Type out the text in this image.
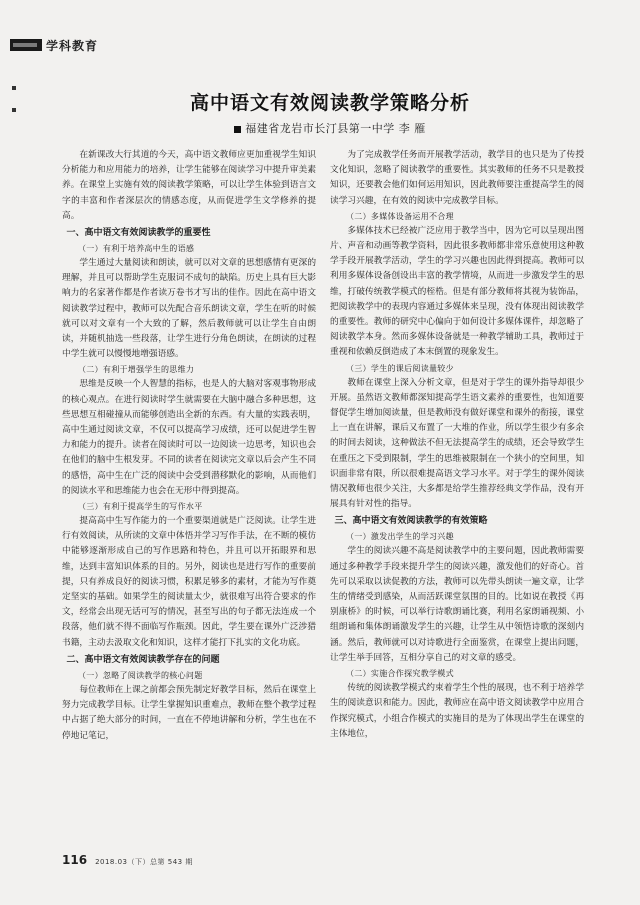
学科教育
高中语文有效阅读教学策略分析
福建省龙岩市长汀县第一中学 李 雁

在新课改大行其道的今天，高中语文教师应更加重视学生知识分析能力和应用能力的培养，让学生能够在阅读学习中提升审美素养。在课堂上实施有效的阅读教学策略，可以让学生体验到语言文字的丰富和作者深层次的情感态度，从而促进学生文学修养的提高。

一、高中语文有效阅读教学的重要性
（一）有利于培养高中生的语感

学生通过大量阅读和朗读，就可以对文章的思想感情有更深的理解，并且可以帮助学生克服词不成句的缺陷。历史上具有巨大影响力的名家著作都是作者读万卷书才写出的佳作。因此在高中语文阅读教学过程中，教师可以先配合音乐朗读文章，学生在听的时候就可以对文章有一个大致的了解，然后教师就可以让学生自由朗读，并随机抽选一些段落，让学生进行分角色朗读，在朗读的过程中学生就可以慢慢地增强语感。

（二）有利于增强学生的思维力

思维是反映一个人智慧的指标，也是人的大脑对客观事物形成的核心观点。在进行阅读时学生就需要在大脑中融合多种思想，这些思想互相碰撞从而能够创造出全新的东西。有大量的实践表明，高中生通过阅读文章，不仅可以提高学习成绩，还可以促进学生智力和能力的提升。读者在阅读时可以一边阅读一边思考，知识也会在他们的脑中生根发芽。不同的读者在阅读完文章以后会产生不同的感悟，高中生在广泛的阅读中会受到潜移默化的影响，从而他们的阅读水平和思维能力也会在无形中得到提高。

（三）有利于提高学生的写作水平

提高高中生写作能力的一个重要渠道就是广泛阅读。让学生进行有效阅读，从所读的文章中体悟并学习写作手法，在不断的模仿中能够逐渐形成自己的写作思路和特色，并且可以开拓眼界和思维，达到丰富知识体系的目的。另外，阅读也是进行写作的重要前提，只有养成良好的阅读习惯，积累足够多的素材，才能为写作奠定坚实的基础。如果学生的阅读量太少，就很难写出符合要求的作文，经常会出现无话可写的情况，甚至写出的句子都无法连成一个段落，他们就不得不面临写作瓶颈。因此，学生要在课外广泛涉猎书籍，主动去汲取文化和知识，这样才能打下扎实的文化功底。

二、高中语文有效阅读教学存在的问题
（一）忽略了阅读教学的核心问题

每位教师在上课之前都会预先制定好教学目标，然后在课堂上努力完成教学目标。让学生掌握知识重难点，教师在整个教学过程中占据了绝大部分的时间，一直在不停地讲解和分析，学生也在不停地记笔记，

为了完成教学任务而开展教学活动，教学目的也只是为了传授文化知识，忽略了阅读教学的重要性。其实教师的任务不只是教授知识，还要教会他们如何运用知识，因此教师要注重提高学生的阅读学习兴趣，在有效的阅读中完成教学目标。

（二）多媒体设备运用不合理

多媒体技术已经被广泛应用于教学当中，因为它可以呈现出图片、声音和动画等教学资料，因此很多教师都非常乐意使用这种教学手段开展教学活动，学生的学习兴趣也因此得到提高。教师可以利用多媒体设备创设出丰富的教学情境，从而进一步激发学生的思维，打破传统教学模式的桎梏。但是有部分教师将其视为装饰品，把阅读教学中的表现内容通过多媒体来呈现，没有体现出阅读教学的重要性。教师的研究中心偏向于如何设计多媒体课件，却忽略了阅读教学本身。然而多媒体设备就是一种教学辅助工具，教师过于重视和依赖反倒造成了本末倒置的现象发生。

（三）学生的课后阅读量较少

教师在课堂上深入分析文章，但是对于学生的课外指导却很少开展。虽然语文教师都深知提高学生语文素养的重要性，也知道要督促学生增加阅读量，但是教师没有做好课堂和课外的衔接，课堂上一直在讲解，课后又布置了一大堆的作业，所以学生很少有多余的时间去阅读，这种做法不但无法提高学生的成绩，还会导致学生在重压之下受到限制，学生的思维被限制在一个狭小的空间里，知识面非常有限，所以很难提高语文学习水平。对于学生的课外阅读情况教师也很少关注，大多都是给学生推荐经典文学作品，没有开展具有针对性的指导。

三、高中语文有效阅读教学的有效策略
（一）激发出学生的学习兴趣

学生的阅读兴趣不高是阅读教学中的主要问题，因此教师需要通过多种教学手段来提升学生的阅读兴趣，激发他们的好奇心。首先可以采取以读促教的方法，教师可以先带头朗读一遍文章，让学生的情绪受到感染，从而活跃课堂氛围的目的。比如说在教授《再别康桥》的时候，可以举行诗歌朗诵比赛，利用名家朗诵视频、小组朗诵和集体朗诵激发学生的兴趣，让学生从中领悟诗歌的深刻内涵。然后，教师就可以对诗歌进行全面鉴赏，在课堂上提出问题，让学生举手回答，互相分享自己的对文章的感受。

（二）实施合作探究教学模式

传统的阅读教学模式约束着学生个性的展现，也不利于培养学生的阅读意识和能力。因此，教师应在高中语文阅读教学中应用合作探究模式，小组合作模式的实施目的是为了体现出学生在课堂的主体地位，

116 2018.03（下）总第 543 期
